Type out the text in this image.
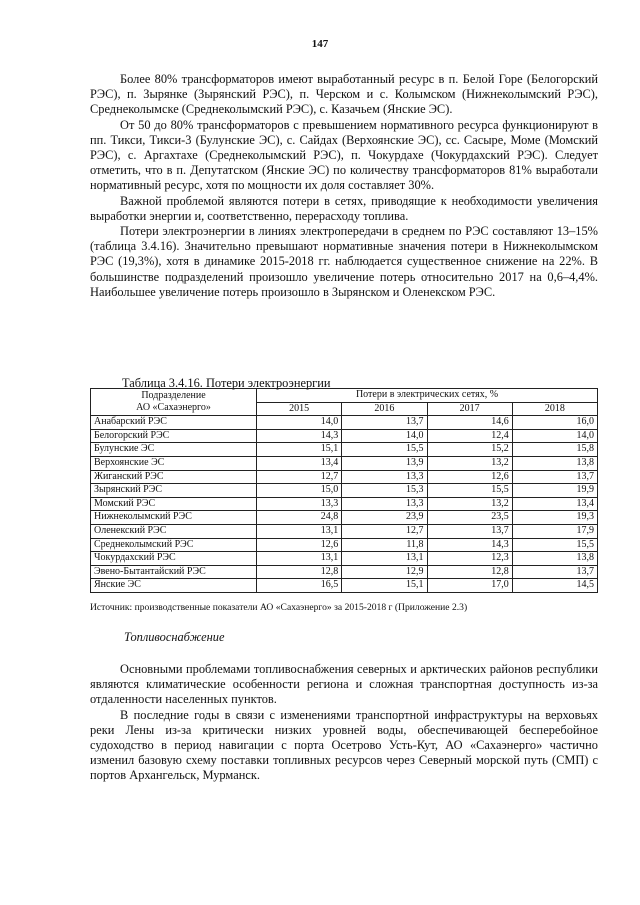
147

Более 80% трансформаторов имеют выработанный ресурс в п. Белой Горе (Белогорский РЭС), п. Зырянке (Зырянский РЭС), п. Черском и с. Колымском (Нижнеколымский РЭС), Среднеколымске (Среднеколымский РЭС), с. Казачьем (Янские ЭС).

От 50 до 80% трансформаторов с превышением нормативного ресурса функционируют в пп. Тикси, Тикси-3 (Булунские ЭС), с. Сайдах (Верхоянские ЭС), сс. Сасыре, Моме (Момский РЭС), с. Аргахтахе (Среднеколымский РЭС), п. Чокурдахе (Чокурдахский РЭС). Следует отметить, что в п. Депутатском (Янские ЭС) по количеству трансформаторов 81% выработали нормативный ресурс, хотя по мощности их доля составляет 30%.

Важной проблемой являются потери в сетях, приводящие к необходимости увеличения выработки энергии и, соответственно, перерасходу топлива.

Потери электроэнергии в линиях электропередачи в среднем по РЭС составляют 13–15% (таблица 3.4.16). Значительно превышают нормативные значения потери в Нижнеколымском РЭС (19,3%), хотя в динамике 2015-2018 гг. наблюдается существенное снижение на 22%. В большинстве подразделений произошло увеличение потерь относительно 2017 на 0,6–4,4%. Наибольшее увеличение потерь произошло в Зырянском и Оленекском РЭС.

Таблица 3.4.16. Потери электроэнергии
Подразделение
АО «Сахаэнерго»	Потери в электрических сетях, %			
	2015	2016	2017	2018
Анабарский РЭС	14,0	13,7	14,6	16,0
Белогорский РЭС	14,3	14,0	12,4	14,0
Булунские ЭС	15,1	15,5	15,2	15,8
Верхоянские ЭС	13,4	13,9	13,2	13,8
Жиганский РЭС	12,7	13,3	12,6	13,7
Зырянский РЭС	15,0	15,3	15,5	19,9
Момский РЭС	13,3	13,3	13,2	13,4
Нижнеколымский РЭС	24,8	23,9	23,5	19,3
Оленекский РЭС	13,1	12,7	13,7	17,9
Среднеколымский РЭС	12,6	11,8	14,3	15,5
Чокурдахский РЭС	13,1	13,1	12,3	13,8
Эвено-Бытантайский РЭС	12,8	12,9	12,8	13,7
Янские ЭС	16,5	15,1	17,0	14,5
Источник: производственные показатели АО «Сахаэнерго» за 2015-2018 г (Приложение 2.3)
Топливоснабжение

Основными проблемами топливоснабжения северных и арктических районов республики являются климатические особенности региона и сложная транспортная доступность из-за отдаленности населенных пунктов.

В последние годы в связи с изменениями транспортной инфраструктуры на верховьях реки Лены из-за критически низких уровней воды, обеспечивающей бесперебойное судоходство в период навигации с порта Осетрово Усть-Кут, АО «Сахаэнерго» частично изменил базовую схему поставки топливных ресурсов через Северный морской путь (СМП) с портов Архангельск, Мурманск.
